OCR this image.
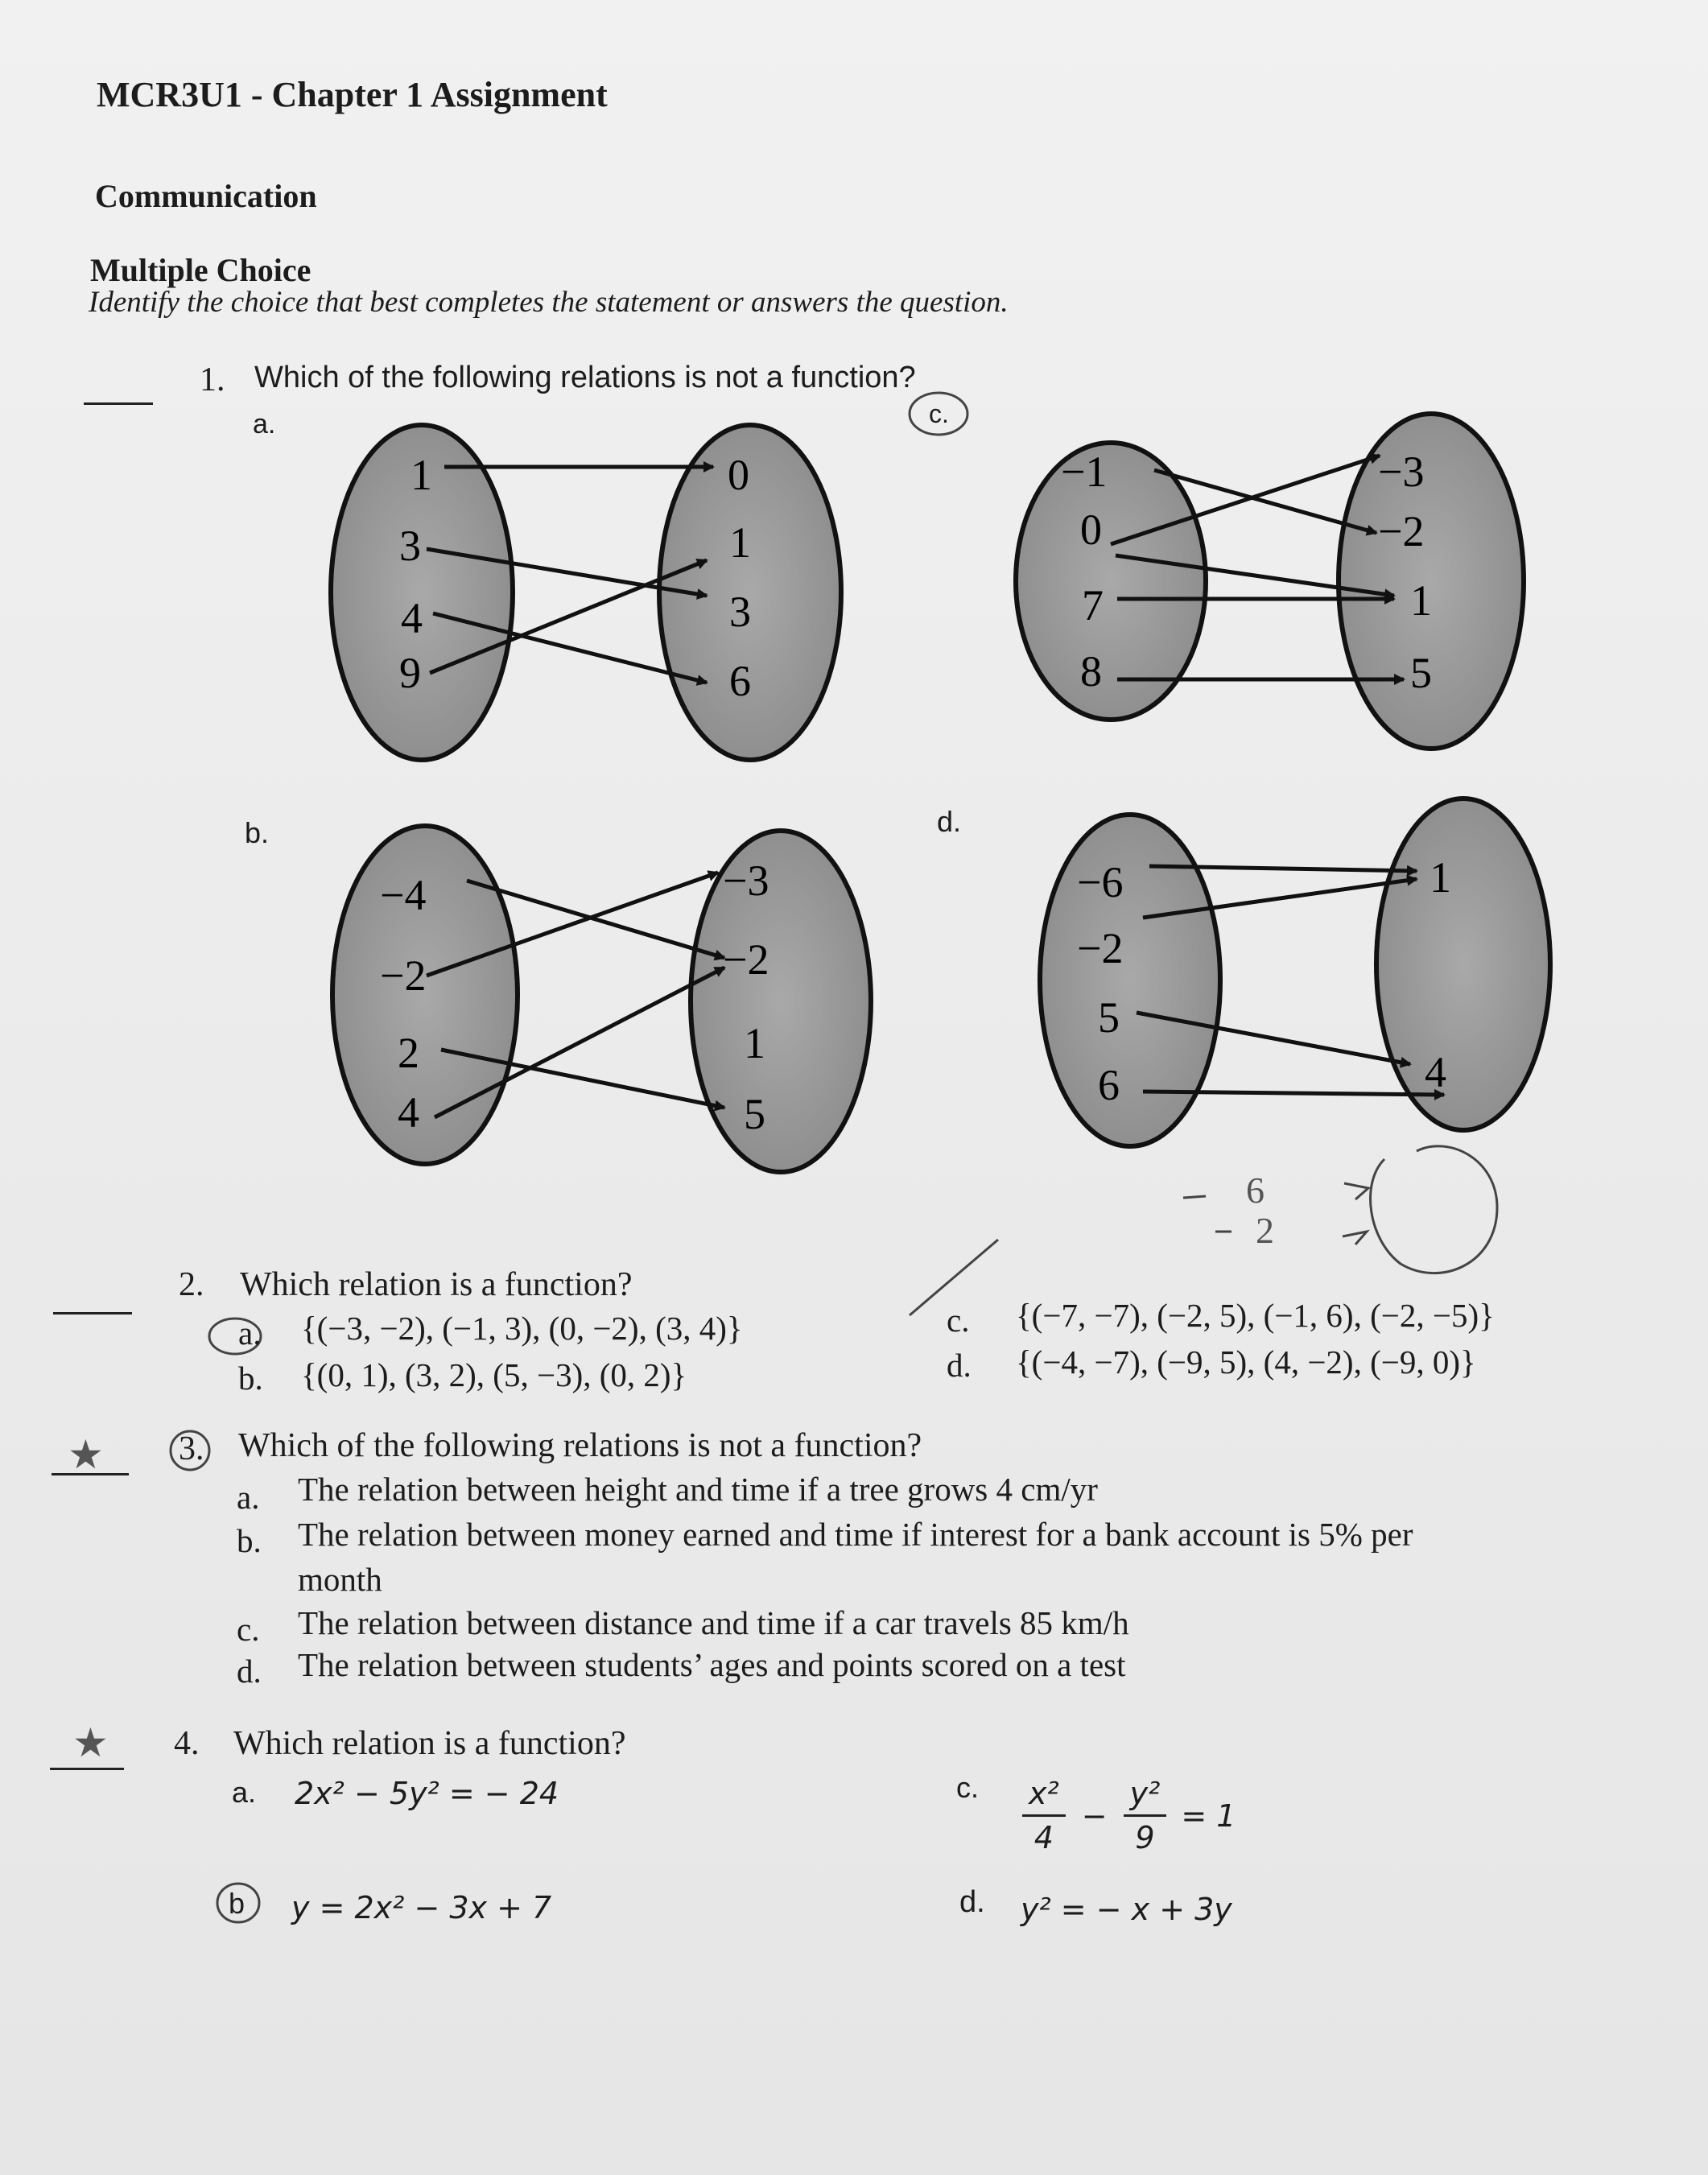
MCR3U1 - Chapter 1 Assignment
Communication
Multiple Choice
Identify the choice that best completes the statement or answers the question.
1. Which of the following relations is not a function?
a.	c.
b.	d.
1
3
4
9
0
1
3
6
−1
0
7
8
−3
−2
1
5
−4
−2
2
4
−3
−2
1
5
−6
−2
5
6
1
4
6
2
★
★
2. Which relation is a function?
a. {(−3, −2), (−1, 3), (0, −2), (3, 4)}
b. {(0, 1), (3, 2), (5, −3), (0, 2)}
c. {(−7, −7), (−2, 5), (−1, 6), (−2, −5)}
d. {(−4, −7), (−9, 5), (4, −2), (−9, 0)}
3. Which of the following relations is not a function?
a. The relation between height and time if a tree grows 4 cm/yr
b. The relation between money earned and time if interest for a bank account is 5% per
month
c. The relation between distance and time if a car travels 85 km/h
d. The relation between students’ ages and points scored on a test
4. Which relation is a function?
a. 2x² − 5y² = − 24
b y = 2x² − 3x + 7
c. $\frac{\text{x²}}{4} - \frac{\text{y²}}{9} = 1$
d. y² = − x + 3y
